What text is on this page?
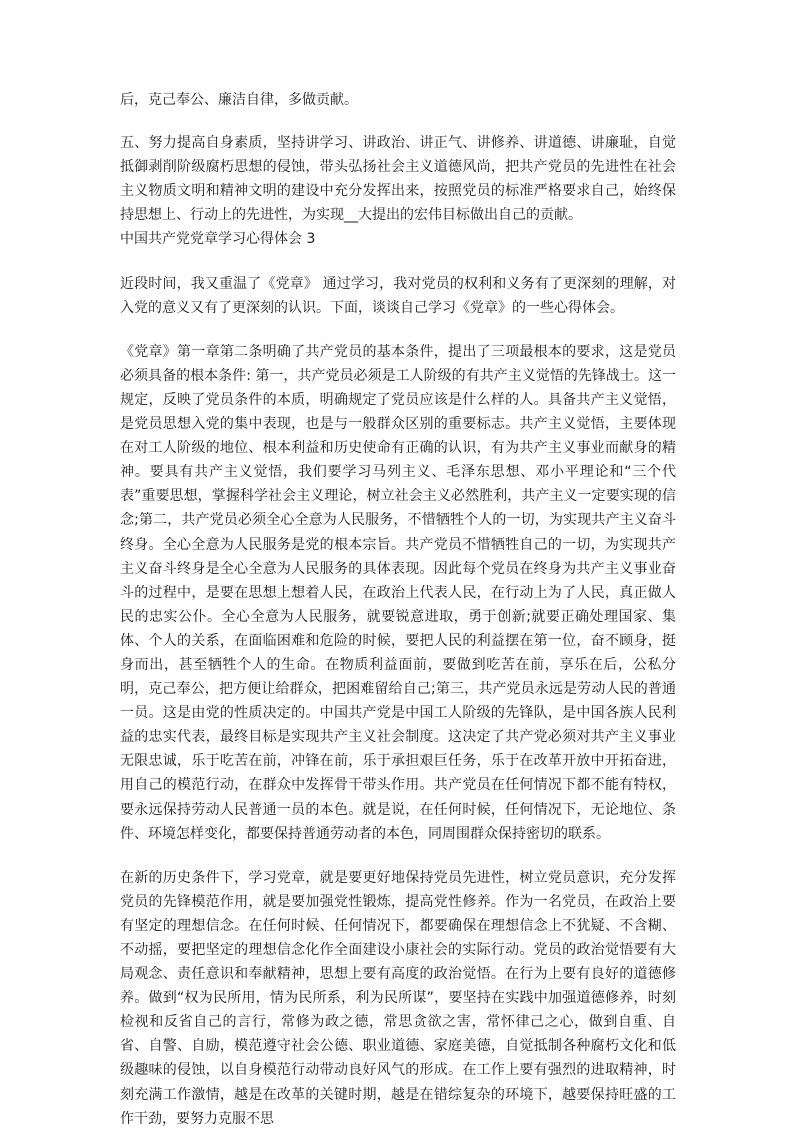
后，克己奉公、廉洁自律，多做贡献。

五、努力提高自身素质，坚持讲学习、讲政治、讲正气、讲修养、讲道德、讲廉耻，自觉抵御剥削阶级腐朽思想的侵蚀，带头弘扬社会主义道德风尚，把共产党员的先进性在社会主义物质文明和精神文明的建设中充分发挥出来，按照党员的标准严格要求自己，始终保持思想上、行动上的先进性，为实现__大提出的宏伟目标做出自己的贡献。

中国共产党党章学习心得体会 3

近段时间，我又重温了《党章》 通过学习，我对党员的权利和义务有了更深刻的理解，对入党的意义又有了更深刻的认识。下面，谈谈自己学习《党章》的一些心得体会。

《党章》第一章第二条明确了共产党员的基本条件，提出了三项最根本的要求，这是党员必须具备的根本条件: 第一，共产党员必须是工人阶级的有共产主义觉悟的先锋战士。这一规定，反映了党员条件的本质，明确规定了党员应该是什么样的人。具备共产主义觉悟，是党员思想入党的集中表现，也是与一般群众区别的重要标志。共产主义觉悟，主要体现在对工人阶级的地位、根本利益和历史使命有正确的认识，有为共产主义事业而献身的精神。要具有共产主义觉悟，我们要学习马列主义、毛泽东思想、邓小平理论和“三个代表”重要思想，掌握科学社会主义理论，树立社会主义必然胜利，共产主义一定要实现的信念;第二，共产党员必须全心全意为人民服务，不惜牺牲个人的一切，为实现共产主义奋斗终身。全心全意为人民服务是党的根本宗旨。共产党员不惜牺牲自己的一切，为实现共产主义奋斗终身是全心全意为人民服务的具体表现。因此每个党员在终身为共产主义事业奋斗的过程中，是要在思想上想着人民，在政治上代表人民，在行动上为了人民，真正做人民的忠实公仆。全心全意为人民服务，就要锐意进取，勇于创新;就要正确处理国家、集体、个人的关系，在面临困难和危险的时候，要把人民的利益摆在第一位，奋不顾身，挺身而出，甚至牺牲个人的生命。在物质利益面前，要做到吃苦在前，享乐在后，公私分明，克己奉公，把方便让给群众，把困难留给自己;第三，共产党员永远是劳动人民的普通一员。这是由党的性质决定的。中国共产党是中国工人阶级的先锋队，是中国各族人民利益的忠实代表，最终目标是实现共产主义社会制度。这决定了共产党必须对共产主义事业无限忠诚，乐于吃苦在前，冲锋在前，乐于承担艰巨任务，乐于在改革开放中开拓奋进，用自己的模范行动，在群众中发挥骨干带头作用。共产党员在任何情况下都不能有特权，要永远保持劳动人民普通一员的本色。就是说，在任何时候，任何情况下，无论地位、条件、环境怎样变化，都要保持普通劳动者的本色，同周围群众保持密切的联系。

在新的历史条件下，学习党章，就是要更好地保持党员先进性，树立党员意识，充分发挥党员的先锋模范作用，就是要加强党性锻炼，提高党性修养。作为一名党员，在政治上要有坚定的理想信念。在任何时候、任何情况下，都要确保在理想信念上不犹疑、不含糊、不动摇，要把坚定的理想信念化作全面建设小康社会的实际行动。党员的政治觉悟要有大局观念、责任意识和奉献精神，思想上要有高度的政治觉悟。在行为上要有良好的道德修养。做到“权为民所用，情为民所系，利为民所谋”，要坚持在实践中加强道德修养，时刻检视和反省自己的言行，常修为政之德，常思贪欲之害，常怀律己之心，做到自重、自省、自警、自励，模范遵守社会公德、职业道德、家庭美德，自觉抵制各种腐朽文化和低级趣味的侵蚀，以自身模范行动带动良好风气的形成。在工作上要有强烈的进取精神，时刻充满工作激情，越是在改革的关键时期，越是在错综复杂的环境下，越要保持旺盛的工作干劲，要努力克服不思
